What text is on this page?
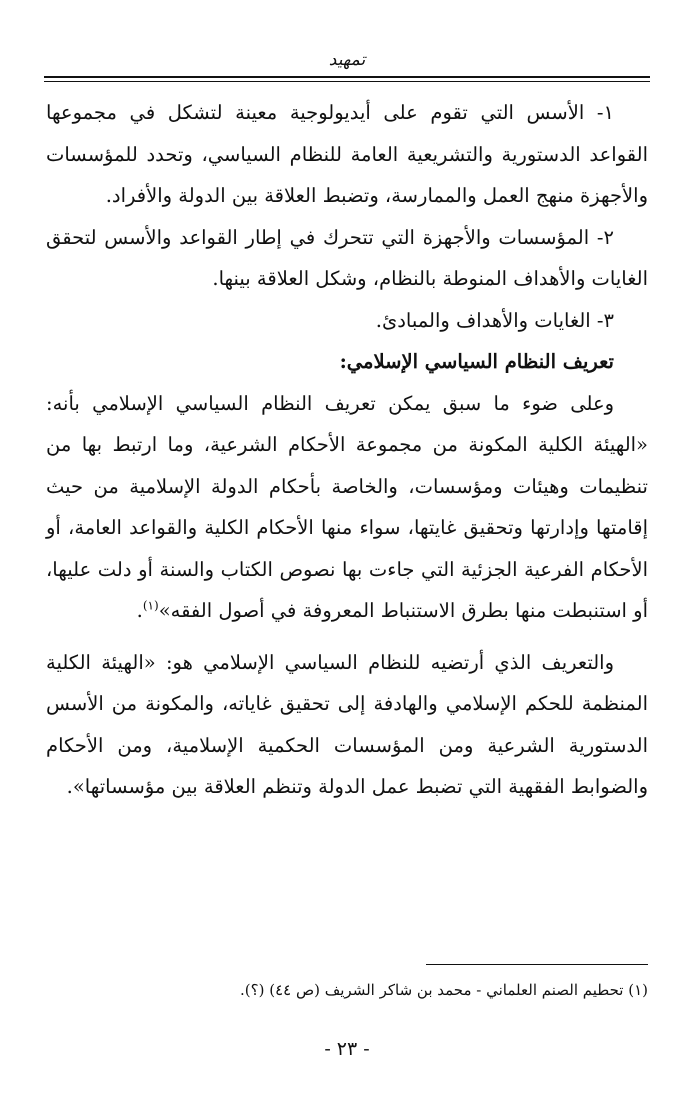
تمهيد

١- الأسس التي تقوم على أيديولوجية معينة لتشكل في مجموعها القواعد الدستورية والتشريعية العامة للنظام السياسي، وتحدد للمؤسسات والأجهزة منهج العمل والممارسة، وتضبط العلاقة بين الدولة والأفراد.

٢- المؤسسات والأجهزة التي تتحرك في إطار القواعد والأسس لتحقق الغايات والأهداف المنوطة بالنظام، وشكل العلاقة بينها.

٣- الغايات والأهداف والمبادئ.

تعريف النظام السياسي الإسلامي:

وعلى ضوء ما سبق يمكن تعريف النظام السياسي الإسلامي بأنه: «الهيئة الكلية المكونة من مجموعة الأحكام الشرعية، وما ارتبط بها من تنظيمات وهيئات ومؤسسات، والخاصة بأحكام الدولة الإسلامية من حيث إقامتها وإدارتها وتحقيق غايتها، سواء منها الأحكام الكلية والقواعد العامة، أو الأحكام الفرعية الجزئية التي جاءت بها نصوص الكتاب والسنة أو دلت عليها، أو استنبطت منها بطرق الاستنباط المعروفة في أصول الفقه»$^{(١)}$.

والتعريف الذي أرتضيه للنظام السياسي الإسلامي هو: «الهيئة الكلية المنظمة للحكم الإسلامي والهادفة إلى تحقيق غاياته، والمكونة من الأسس الدستورية الشرعية ومن المؤسسات الحكمية الإسلامية، ومن الأحكام والضوابط الفقهية التي تضبط عمل الدولة وتنظم العلاقة بين مؤسساتها».

(١) تحطيم الصنم العلماني - محمد بن شاكر الشريف (ص ٤٤) (؟).
- ٢٣ -
